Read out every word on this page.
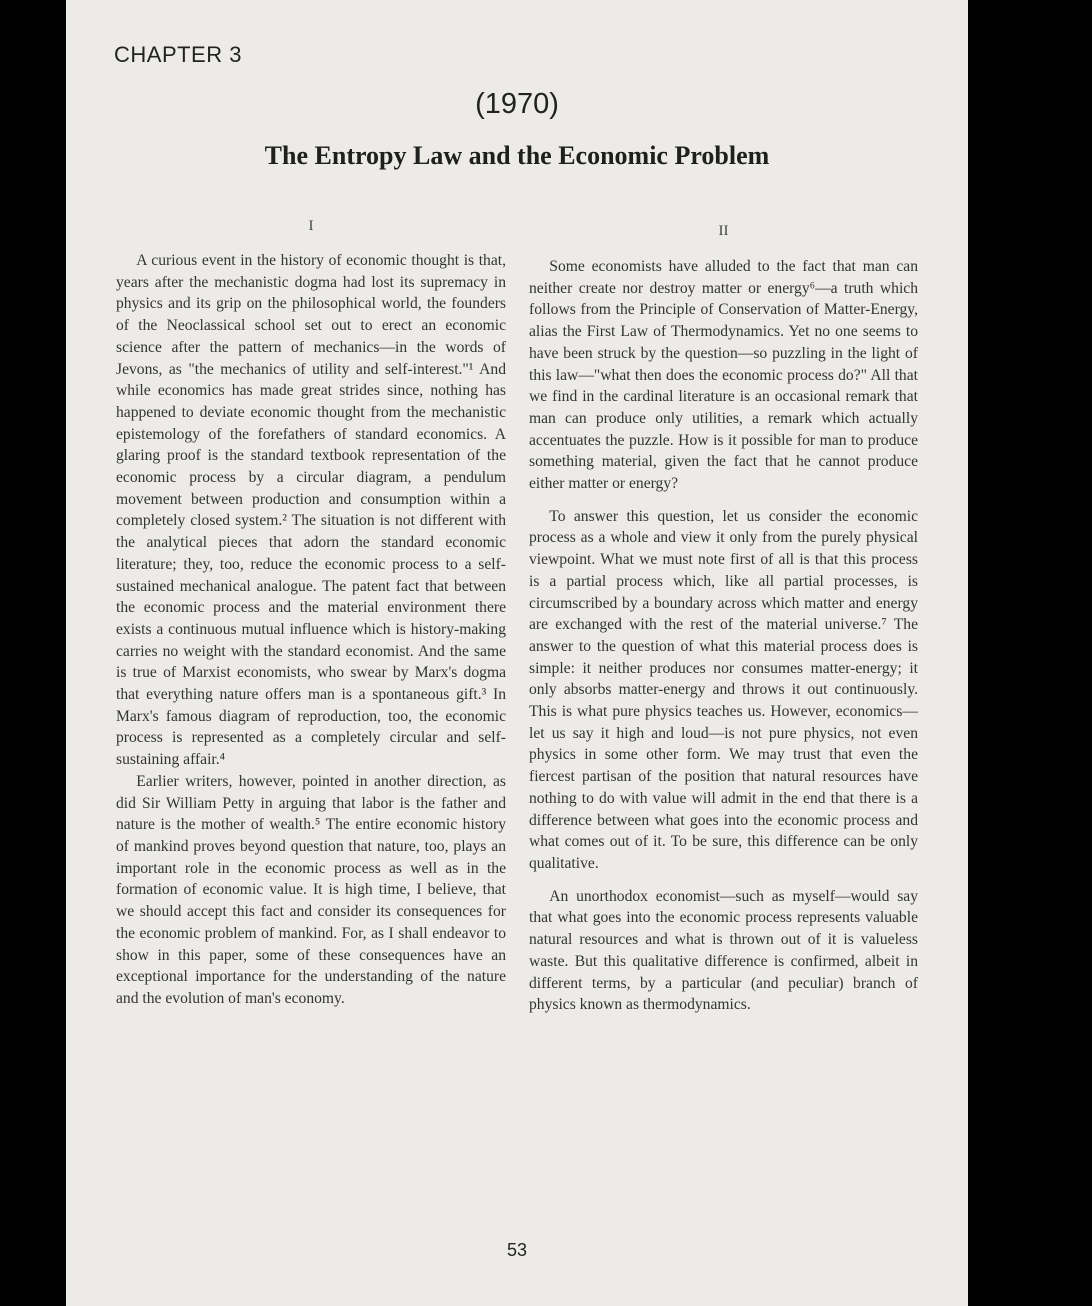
CHAPTER 3
(1970)
The Entropy Law and the Economic Problem
I

A curious event in the history of economic thought is that, years after the mechanistic dogma had lost its supremacy in physics and its grip on the philosophical world, the founders of the Neoclassical school set out to erect an economic science after the pattern of mechanics—in the words of Jevons, as "the mechanics of utility and self-interest."¹ And while economics has made great strides since, nothing has happened to deviate economic thought from the mechanistic epistemology of the forefathers of standard economics. A glaring proof is the standard textbook representation of the economic process by a circular diagram, a pendulum movement between production and consumption within a completely closed system.² The situation is not different with the analytical pieces that adorn the standard economic literature; they, too, reduce the economic process to a self-sustained mechanical analogue. The patent fact that between the economic process and the material environment there exists a continuous mutual influence which is history-making carries no weight with the standard economist. And the same is true of Marxist economists, who swear by Marx's dogma that everything nature offers man is a spontaneous gift.³ In Marx's famous diagram of reproduction, too, the economic process is represented as a completely circular and self-sustaining affair.⁴

Earlier writers, however, pointed in another direction, as did Sir William Petty in arguing that labor is the father and nature is the mother of wealth.⁵ The entire economic history of mankind proves beyond question that nature, too, plays an important role in the economic process as well as in the formation of economic value. It is high time, I believe, that we should accept this fact and consider its consequences for the economic problem of mankind. For, as I shall endeavor to show in this paper, some of these consequences have an exceptional importance for the understanding of the nature and the evolution of man's economy.

II

Some economists have alluded to the fact that man can neither create nor destroy matter or energy⁶—a truth which follows from the Principle of Conservation of Matter-Energy, alias the First Law of Thermodynamics. Yet no one seems to have been struck by the question—so puzzling in the light of this law—"what then does the economic process do?" All that we find in the cardinal literature is an occasional remark that man can produce only utilities, a remark which actually accentuates the puzzle. How is it possible for man to produce something material, given the fact that he cannot produce either matter or energy?

To answer this question, let us consider the economic process as a whole and view it only from the purely physical viewpoint. What we must note first of all is that this process is a partial process which, like all partial processes, is circumscribed by a boundary across which matter and energy are exchanged with the rest of the material universe.⁷ The answer to the question of what this material process does is simple: it neither produces nor consumes matter-energy; it only absorbs matter-energy and throws it out continuously. This is what pure physics teaches us. However, economics—let us say it high and loud—is not pure physics, not even physics in some other form. We may trust that even the fiercest partisan of the position that natural resources have nothing to do with value will admit in the end that there is a difference between what goes into the economic process and what comes out of it. To be sure, this difference can be only qualitative.

An unorthodox economist—such as myself—would say that what goes into the economic process represents valuable natural resources and what is thrown out of it is valueless waste. But this qualitative difference is confirmed, albeit in different terms, by a particular (and peculiar) branch of physics known as thermodynamics.

53
